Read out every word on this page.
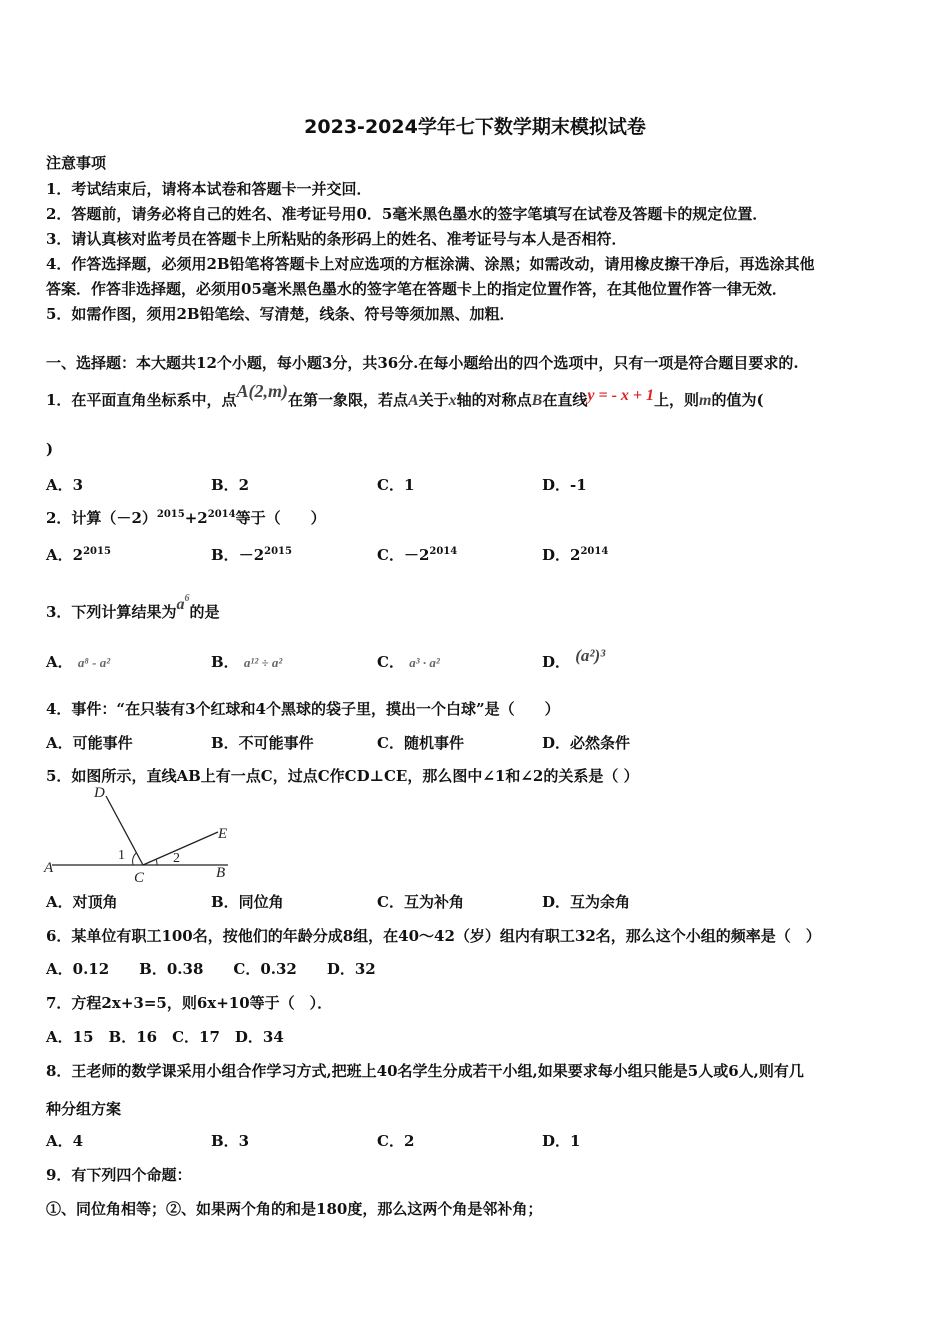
2023-2024学年七下数学期末模拟试卷
注意事项
1．考试结束后，请将本试卷和答题卡一并交回．
2．答题前，请务必将自己的姓名、准考证号用0．5毫米黑色墨水的签字笔填写在试卷及答题卡的规定位置．
3．请认真核对监考员在答题卡上所粘贴的条形码上的姓名、准考证号与本人是否相符．
4．作答选择题，必须用2B铅笔将答题卡上对应选项的方框涂满、涂黑；如需改动，请用橡皮擦干净后，再选涂其他
答案．作答非选择题，必须用05毫米黑色墨水的签字笔在答题卡上的指定位置作答，在其他位置作答一律无效．
5．如需作图，须用2B铅笔绘、写清楚，线条、符号等须加黑、加粗．
一、选择题：本大题共12个小题，每小题3分，共36分.在每小题给出的四个选项中，只有一项是符合题目要求的.
1．在平面直角坐标系中，点A(2,m)在第一象限，若点A关于x轴的对称点B在直线y = - x + 1上，则m的值为(
)
A．3	B．2	C．1	D．-1
2．计算$(-2)^{2015}+2^{2014}$等于（　　）
A．$2^{2015}$	B．$-2^{2015}$	C．$-2^{2014}$	D．$2^{2014}$
3．下列计算结果为$a^6$的是
A． a⁸ - a²	B． a¹² ÷ a²	C． a³ · a²	D． (a²)³
4．事件：“在只装有3个红球和4个黑球的袋子里，摸出一个白球”是（　　）
A．可能事件	B．不可能事件	C．随机事件	D．必然条件
5．如图所示，直线AB上有一点C，过点C作CD⊥CE，那么图中∠1和∠2的关系是（ ）
D
E
A	B
C
1	2
A．对顶角	B．同位角	C．互为补角	D．互为余角
6．某单位有职工100名，按他们的年龄分成8组，在40～42（岁）组内有职工32名，那么这个小组的频率是（　）
A．0.12　　B．0.38　　C．0.32　　D．32
7．方程2x+3=5，则6x+10等于（　）．
A．15　B．16　C．17　D．34
8．王老师的数学课采用小组合作学习方式,把班上40名学生分成若干小组,如果要求每小组只能是5人或6人,则有几
种分组方案
A．4	B．3	C．2	D．1
9．有下列四个命题：
①、同位角相等；②、如果两个角的和是180度，那么这两个角是邻补角；
